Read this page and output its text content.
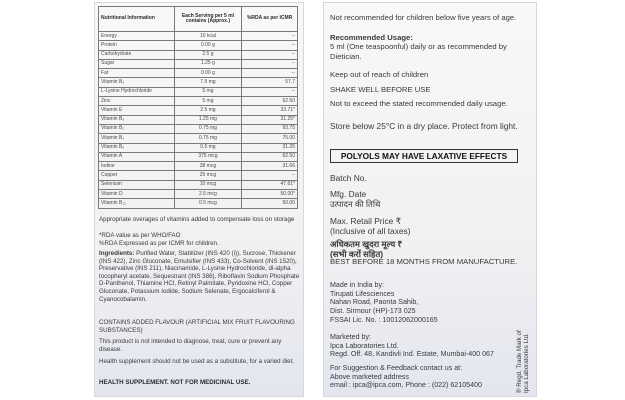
Nutritional Information	Each Serving per 5 ml contains (Approx.)	%RDA as per ICMR
Energy	10 kcal	--
Protein	0.00 g	--
Carbohydrate	2.5 g	--
Sugar	1.25 g	--
Fat	0.00 g	--
Vitamin B₃	7.5 mg	57.7
L-Lysine Hydrochloride	5 mg	--
Zinc	5 mg	62.50
Vitamin E	2.5 mg	33.71*
Vitamin B₅	1.25 mg	31.25*
Vitamin B₂	0.75 mg	93.75
Vitamin B₁	0.75 mg	75.00
Vitamin B₆	0.5 mg	31.25
Vitamin A	375 mcg	62.50
Iodine	38 mcg	31.66
Copper	25 mcg	--
Selenium	10 mcg	47.61*
Vitamin D	2.5 mcg	50.00*
Vitamin B₁₂	0.5 mcg	50.00

Appropriate overages of vitamins added to compensate loss on storage

*RDA value as per WHO/FAO

%RDA Expressed as per ICMR for children.

Ingredients: Purified Water, Stabilizer (INS 420 (i)), Sucrose, Thickener (INS 422), Zinc Gluconate, Emulsifier (INS 433), Co-Solvent (INS 1520), Preservative (INS 211), Niacinamide, L-Lysine Hydrochloride, dl-alpha tocopheryl acetate, Sequestrant (INS 386), Riboflavin Sodium Phosphate D-Panthenol, Thiamine HCl, Retinyl Palmitate, Pyridoxine HCl, Copper Gluconate, Potassium Iodide, Sodium Selenate, Ergocalciferol & Cyanocobalamin.

CONTAINS ADDED FLAVOUR (ARTIFICIAL MIX FRUIT FLAVOURING SUBSTANCES)

This product is not intended to diagnose, treat, cure or prevent any disease.

Health supplement should not be used as a substitute, for a varied diet.

HEALTH SUPPLEMENT. NOT FOR MEDICINAL USE.

Not recommended for children below five years of age.

Recommended Usage:

5 ml (One teaspoonful) daily or as recommended by Dietician.

Keep out of reach of children

SHAKE WELL BEFORE USE

Not to exceed the stated recommended daily usage.

Store below 25°C in a dry place. Protect from light.

POLYOLS MAY HAVE LAXATIVE EFFECTS

Batch No.

Mfg. Date

उत्पादन की तिथि

Max. Retail Price ₹

(Inclusive of all taxes)

अधिकतम खुदरा मूल्य ₹

(सभी करों सहित)

BEST BEFORE 18 MONTHS FROM MANUFACTURE.

Made in India by:

Tirupati Lifesciences

Nahan Road, Paonta Sahib,

Dist. Sirmour (HP)-173 025

FSSAI Lic. No. : 10012062000165

Marketed by:

Ipca Laboratories Ltd.

Regd. Off. 48, Kandivli Ind. Estate, Mumbai-400 067

For Suggestion & Feedback contact us at:

Above marketed address

email : ipca@ipca.com, Phone : (022) 62105400	® Regd. Trade Mark of Ipca Laboratories Ltd.
